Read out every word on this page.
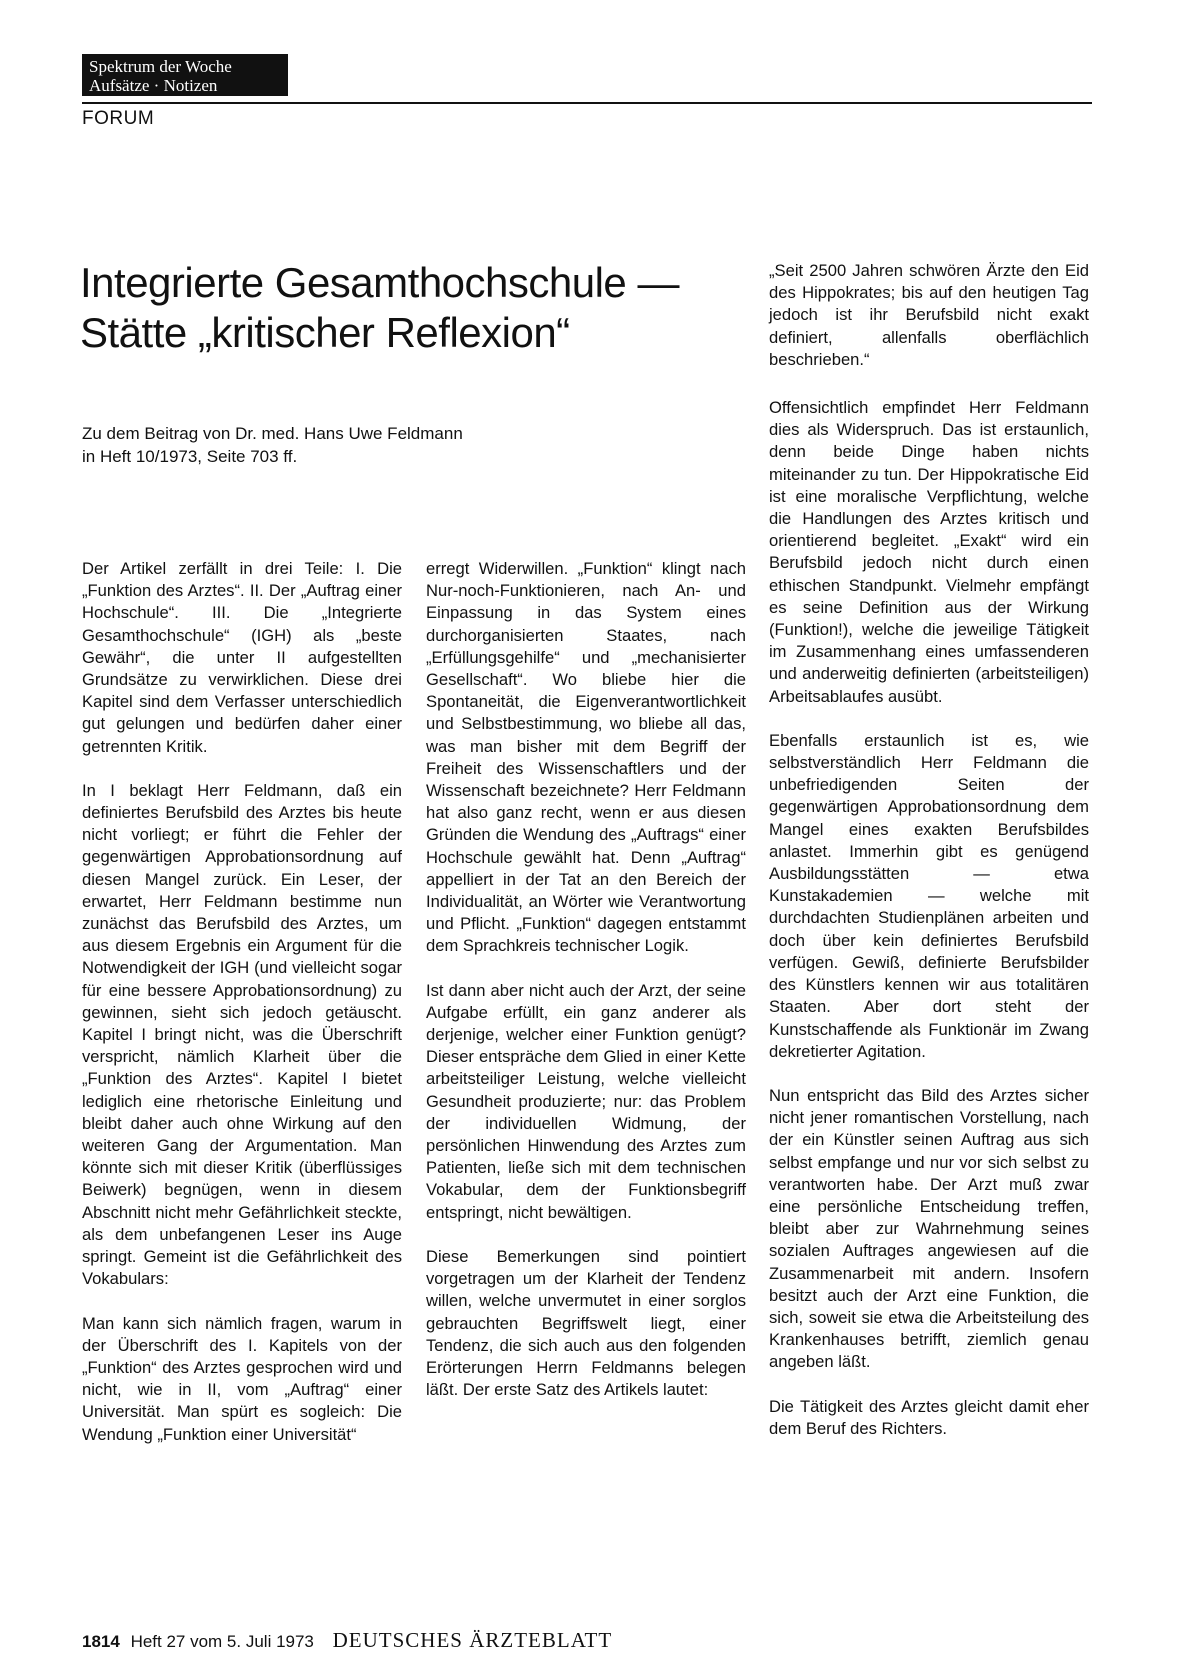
Spektrum der Woche
Aufsätze · Notizen
FORUM
Integrierte Gesamthochschule —
Stätte „kritischer Reflexion“
Zu dem Beitrag von Dr. med. Hans Uwe Feldmann
in Heft 10/1973, Seite 703 ff.

Der Artikel zerfällt in drei Teile: I. Die „Funktion des Arztes“. II. Der „Auftrag einer Hochschule“. III. Die „Integrierte Gesamthochschule“ (IGH) als „beste Gewähr“, die unter II aufgestellten Grundsätze zu verwirklichen. Diese drei Kapitel sind dem Verfasser unterschiedlich gut gelungen und bedürfen daher einer getrennten Kritik.

In I beklagt Herr Feldmann, daß ein definiertes Berufsbild des Arztes bis heute nicht vorliegt; er führt die Fehler der gegenwärtigen Approbationsordnung auf diesen Mangel zurück. Ein Leser, der erwartet, Herr Feldmann bestimme nun zunächst das Berufsbild des Arztes, um aus diesem Ergebnis ein Argument für die Notwendigkeit der IGH (und vielleicht sogar für eine bessere Approbationsordnung) zu gewinnen, sieht sich jedoch getäuscht. Kapitel I bringt nicht, was die Überschrift verspricht, nämlich Klarheit über die „Funktion des Arztes“. Kapitel I bietet lediglich eine rhetorische Einleitung und bleibt daher auch ohne Wirkung auf den weiteren Gang der Argumentation. Man könnte sich mit dieser Kritik (überflüssiges Beiwerk) begnügen, wenn in diesem Abschnitt nicht mehr Gefährlichkeit steckte, als dem unbefangenen Leser ins Auge springt. Gemeint ist die Gefährlichkeit des Vokabulars:

Man kann sich nämlich fragen, warum in der Überschrift des I. Kapitels von der „Funktion“ des Arztes gesprochen wird und nicht, wie in II, vom „Auftrag“ einer Universität. Man spürt es sogleich: Die Wendung „Funktion einer Universität“

erregt Widerwillen. „Funktion“ klingt nach Nur-noch-Funktionieren, nach An- und Einpassung in das System eines durchorganisierten Staates, nach „Erfüllungsgehilfe“ und „mechanisierter Gesellschaft“. Wo bliebe hier die Spontaneität, die Eigenverantwortlichkeit und Selbstbestimmung, wo bliebe all das, was man bisher mit dem Begriff der Freiheit des Wissenschaftlers und der Wissenschaft bezeichnete? Herr Feldmann hat also ganz recht, wenn er aus diesen Gründen die Wendung des „Auftrags“ einer Hochschule gewählt hat. Denn „Auftrag“ appelliert in der Tat an den Bereich der Individualität, an Wörter wie Verantwortung und Pflicht. „Funktion“ dagegen entstammt dem Sprachkreis technischer Logik.

Ist dann aber nicht auch der Arzt, der seine Aufgabe erfüllt, ein ganz anderer als derjenige, welcher einer Funktion genügt? Dieser entspräche dem Glied in einer Kette arbeitsteiliger Leistung, welche vielleicht Gesundheit produzierte; nur: das Problem der individuellen Widmung, der persönlichen Hinwendung des Arztes zum Patienten, ließe sich mit dem technischen Vokabular, dem der Funktionsbegriff entspringt, nicht bewältigen.

Diese Bemerkungen sind pointiert vorgetragen um der Klarheit der Tendenz willen, welche unvermutet in einer sorglos gebrauchten Begriffswelt liegt, einer Tendenz, die sich auch aus den folgenden Erörterungen Herrn Feldmanns belegen läßt. Der erste Satz des Artikels lautet:

„Seit 2500 Jahren schwören Ärzte den Eid des Hippokrates; bis auf den heutigen Tag jedoch ist ihr Berufsbild nicht exakt definiert, allenfalls oberflächlich beschrieben.“

Offensichtlich empfindet Herr Feldmann dies als Widerspruch. Das ist erstaunlich, denn beide Dinge haben nichts miteinander zu tun. Der Hippokratische Eid ist eine moralische Verpflichtung, welche die Handlungen des Arztes kritisch und orientierend begleitet. „Exakt“ wird ein Berufsbild jedoch nicht durch einen ethischen Standpunkt. Vielmehr empfängt es seine Definition aus der Wirkung (Funktion!), welche die jeweilige Tätigkeit im Zusammenhang eines umfassenderen und anderweitig definierten (arbeitsteiligen) Arbeitsablaufes ausübt.

Ebenfalls erstaunlich ist es, wie selbstverständlich Herr Feldmann die unbefriedigenden Seiten der gegenwärtigen Approbationsordnung dem Mangel eines exakten Berufsbildes anlastet. Immerhin gibt es genügend Ausbildungsstätten — etwa Kunstakademien — welche mit durchdachten Studienplänen arbeiten und doch über kein definiertes Berufsbild verfügen. Gewiß, definierte Berufsbilder des Künstlers kennen wir aus totalitären Staaten. Aber dort steht der Kunstschaffende als Funktionär im Zwang dekretierter Agitation.

Nun entspricht das Bild des Arztes sicher nicht jener romantischen Vorstellung, nach der ein Künstler seinen Auftrag aus sich selbst empfange und nur vor sich selbst zu verantworten habe. Der Arzt muß zwar eine persönliche Entscheidung treffen, bleibt aber zur Wahrnehmung seines sozialen Auftrages angewiesen auf die Zusammenarbeit mit andern. Insofern besitzt auch der Arzt eine Funktion, die sich, soweit sie etwa die Arbeitsteilung des Krankenhauses betrifft, ziemlich genau angeben läßt.

Die Tätigkeit des Arztes gleicht damit eher dem Beruf des Richters.

1814 Heft 27 vom 5. Juli 1973 DEUTSCHES ÄRZTEBLATT
